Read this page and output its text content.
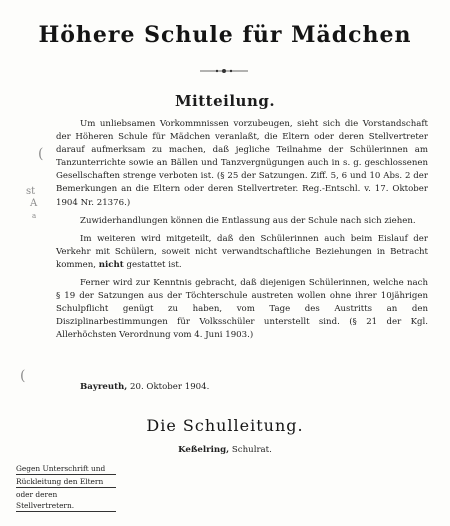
Höhere Schule für Mädchen
Mitteilung.

Um unliebsamen Vorkommnissen vorzubeugen, sieht sich die Vorstandschaft der Höheren Schule für Mädchen veranlaßt, die Eltern oder deren Stellvertreter darauf aufmerksam zu machen, daß jegliche Teilnahme der Schülerinnen am Tanzunterrichte sowie an Bällen und Tanzvergnügungen auch in s. g. geschlossenen Gesellschaften strenge verboten ist. (§ 25 der Satzungen. Ziff. 5, 6 und 10 Abs. 2 der Bemerkungen an die Eltern oder deren Stellvertreter. Reg.-Entschl. v. 17. Oktober 1904 Nr. 21376.)

Zuwiderhandlungen können die Entlassung aus der Schule nach sich ziehen.

Im weiteren wird mitgeteilt, daß den Schülerinnen auch beim Eislauf der Verkehr mit Schülern, soweit nicht verwandtschaftliche Beziehungen in Betracht kommen, nicht gestattet ist.

Ferner wird zur Kenntnis gebracht, daß diejenigen Schülerinnen, welche nach § 19 der Satzungen aus der Töchterschule austreten wollen ohne ihrer 10jährigen Schulpflicht genügt zu haben, vom Tage des Austritts an den Disziplinarbestimmungen für Volksschüler unterstellt sind. (§ 21 der Kgl. Allerhöchsten Verordnung vom 4. Juni 1903.)

Bayreuth, 20. Oktober 1904.
Die Schulleitung.
Keßelring, Schulrat.
Gegen Unterschrift und
Rückleitung den Eltern
oder deren Stellvertretern.
(
st
A
a
(
